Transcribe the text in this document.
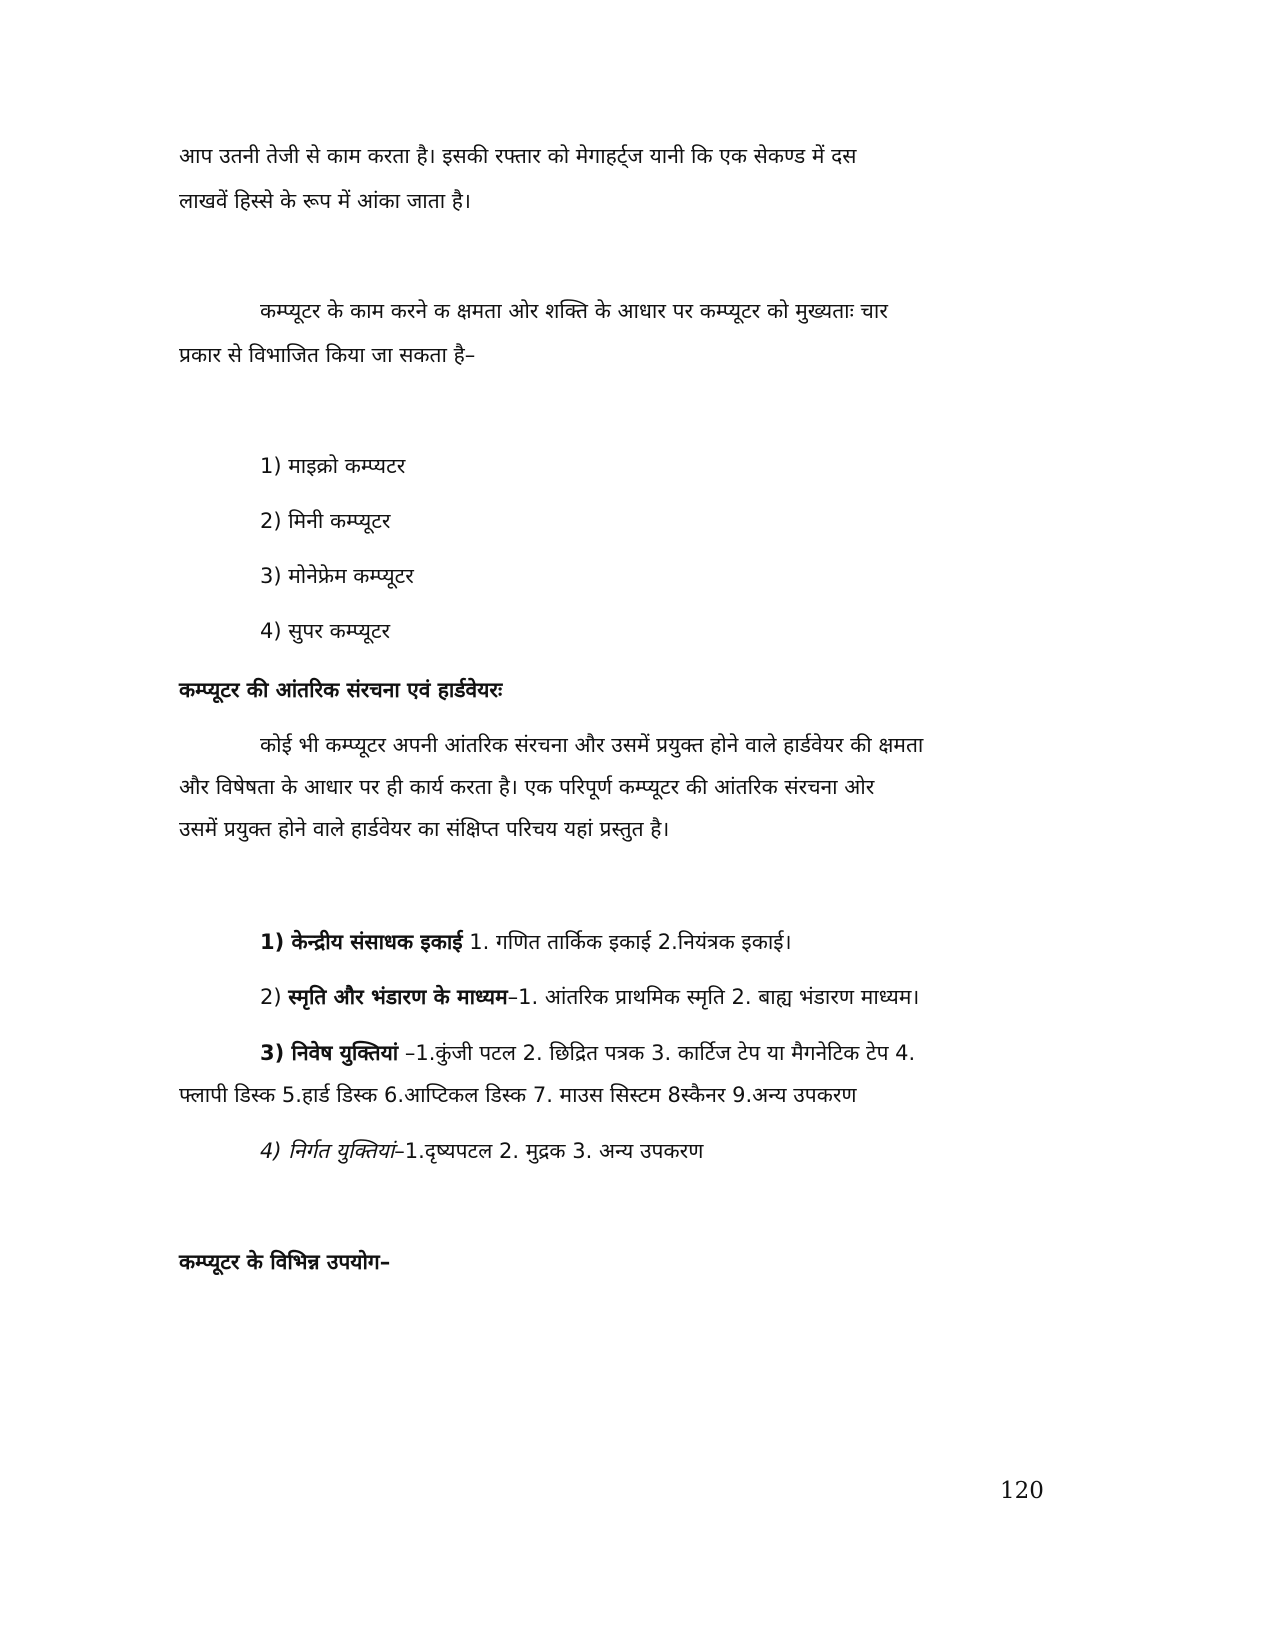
आप उतनी तेजी से काम करता है। इसकी रफ्तार को मेगाहर्ट्ज यानी कि एक सेकण्ड में दस
लाखवें हिस्से के रूप में आंका जाता है।
कम्प्यूटर के काम करने क क्षमता ओर शक्ति के आधार पर कम्प्यूटर को मुख्यताः चार
प्रकार से विभाजित किया जा सकता है–
1) माइक्रो कम्प्यटर
2) मिनी कम्प्यूटर
3) मोनेफ्रेम कम्प्यूटर
4) सुपर कम्प्यूटर
कम्प्यूटर की आंतरिक संरचना एवं हार्डवेयरः
कोई भी कम्प्यूटर अपनी आंतरिक संरचना और उसमें प्रयुक्त होने वाले हार्डवेयर की क्षमता
और विषेषता के आधार पर ही कार्य करता है। एक परिपूर्ण कम्प्यूटर की आंतरिक संरचना ओर
उसमें प्रयुक्त होने वाले हार्डवेयर का संक्षिप्त परिचय यहां प्रस्तुत है।
1) केन्द्रीय संसाधक इकाई 1. गणित तार्किक इकाई 2.नियंत्रक इकाई।
2) स्मृति और भंडारण के माध्यम–1. आंतरिक प्राथमिक स्मृति 2. बाह्य भंडारण माध्यम।
3) निवेष युक्तियां –1.कुंजी पटल 2. छिद्रित पत्रक 3. कार्टिज टेप या मैगनेटिक टेप 4.
फ्लापी डिस्क 5.हार्ड डिस्क 6.आप्टिकल डिस्क 7. माउस सिस्टम 8स्कैनर 9.अन्य उपकरण
4) निर्गत युक्तियां–1.दृष्यपटल 2. मुद्रक 3. अन्य उपकरण
कम्प्यूटर के विभिन्न उपयोग–
120
